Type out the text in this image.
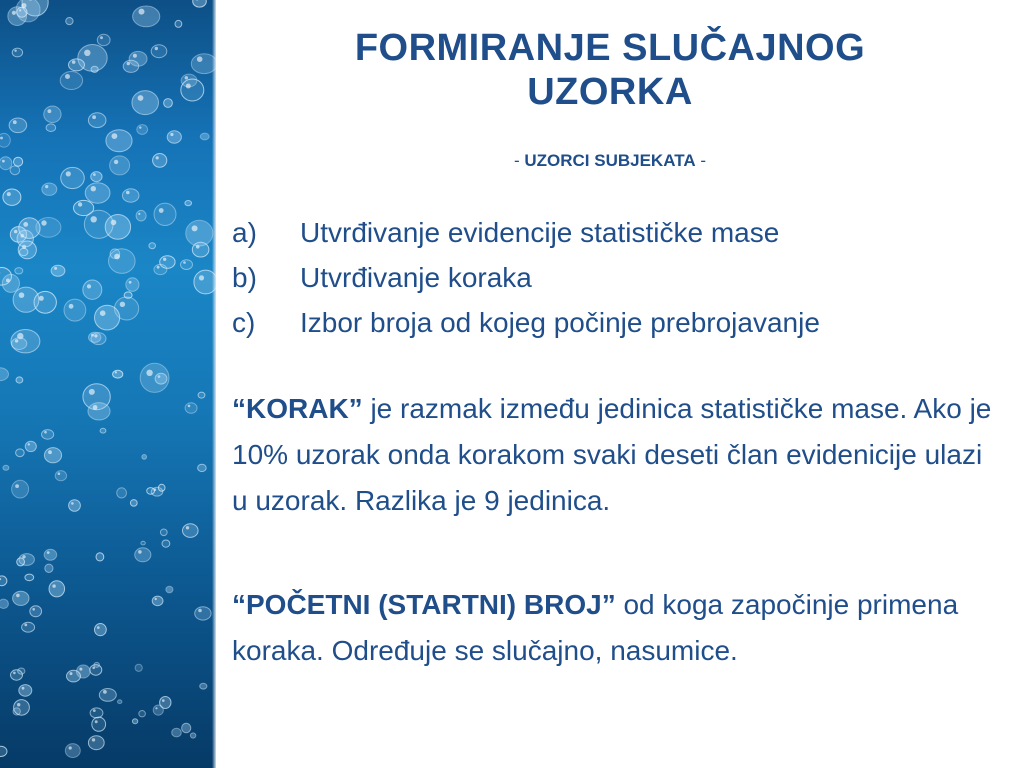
FORMIRANJE SLUČAJNOG
UZORKA
- UZORCI SUBJEKATA -
a)	Utvrđivanje evidencije statističke mase
b)	Utvrđivanje koraka
c)	Izbor broja od kojeg počinje prebrojavanje
“KORAK” je razmak između jedinica statističke mase. Ako je 10% uzorak onda korakom svaki deseti član evidenicije ulazi u uzorak. Razlika je 9 jedinica.
“POČETNI (STARTNI) BROJ” od koga započinje primena koraka. Određuje se slučajno, nasumice.
